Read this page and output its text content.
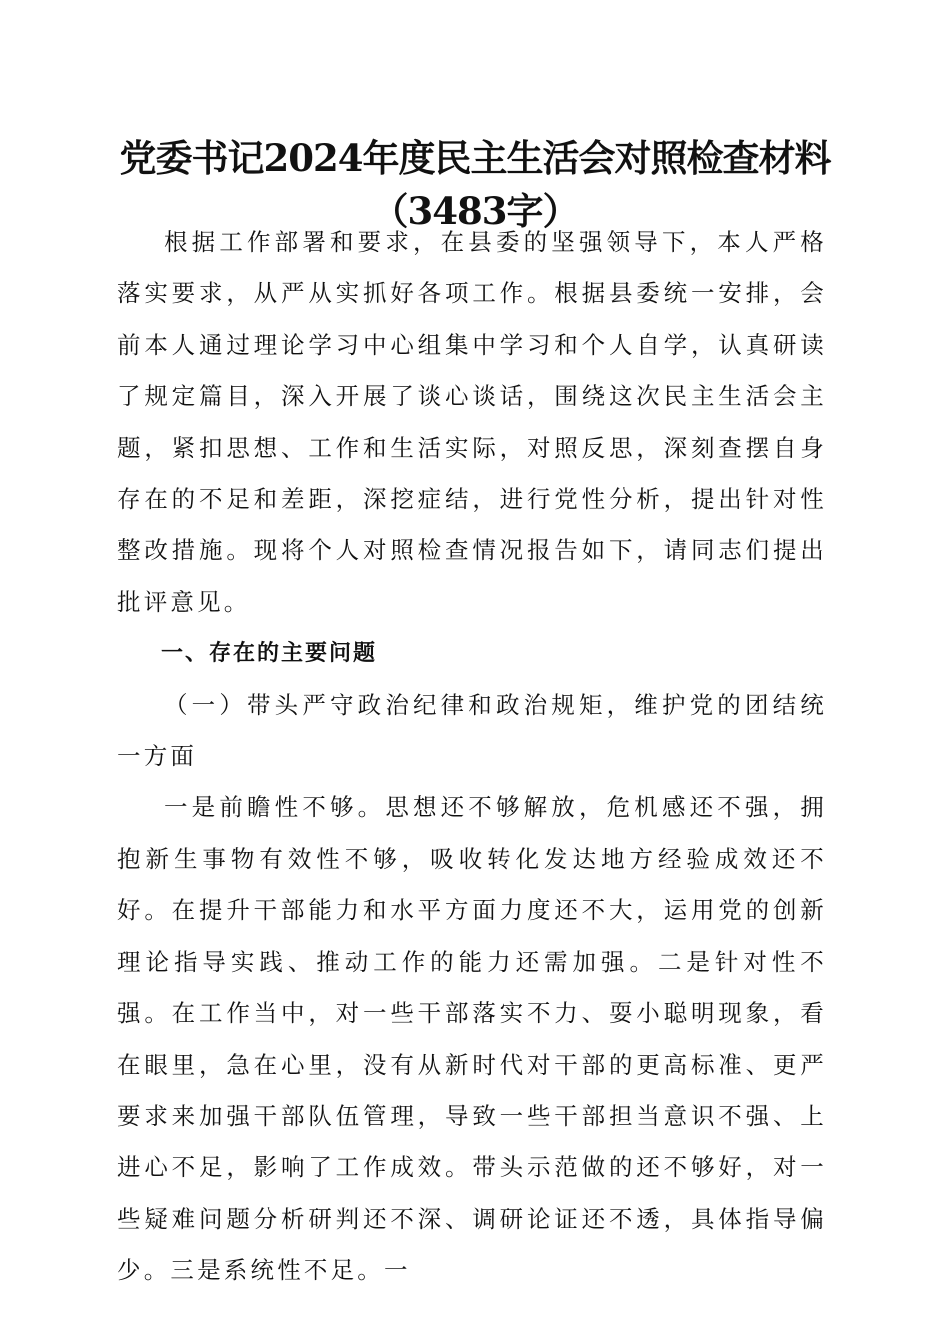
党委书记2024年度民主生活会对照检查材料
（3483字）

根据工作部署和要求，在县委的坚强领导下，本人严格落实要求，从严从实抓好各项工作。根据县委统一安排，会前本人通过理论学习中心组集中学习和个人自学，认真研读了规定篇目，深入开展了谈心谈话，围绕这次民主生活会主题，紧扣思想、工作和生活实际，对照反思，深刻查摆自身存在的不足和差距，深挖症结，进行党性分析，提出针对性整改措施。现将个人对照检查情况报告如下，请同志们提出批评意见。

一、存在的主要问题

（一）带头严守政治纪律和政治规矩，维护党的团结统一方面

一是前瞻性不够。思想还不够解放，危机感还不强，拥抱新生事物有效性不够，吸收转化发达地方经验成效还不好。在提升干部能力和水平方面力度还不大，运用党的创新理论指导实践、推动工作的能力还需加强。二是针对性不强。在工作当中，对一些干部落实不力、耍小聪明现象，看在眼里，急在心里，没有从新时代对干部的更高标准、更严要求来加强干部队伍管理，导致一些干部担当意识不强、上进心不足，影响了工作成效。带头示范做的还不够好，对一些疑难问题分析研判还不深、调研论证还不透，具体指导偏少。三是系统性不足。一
